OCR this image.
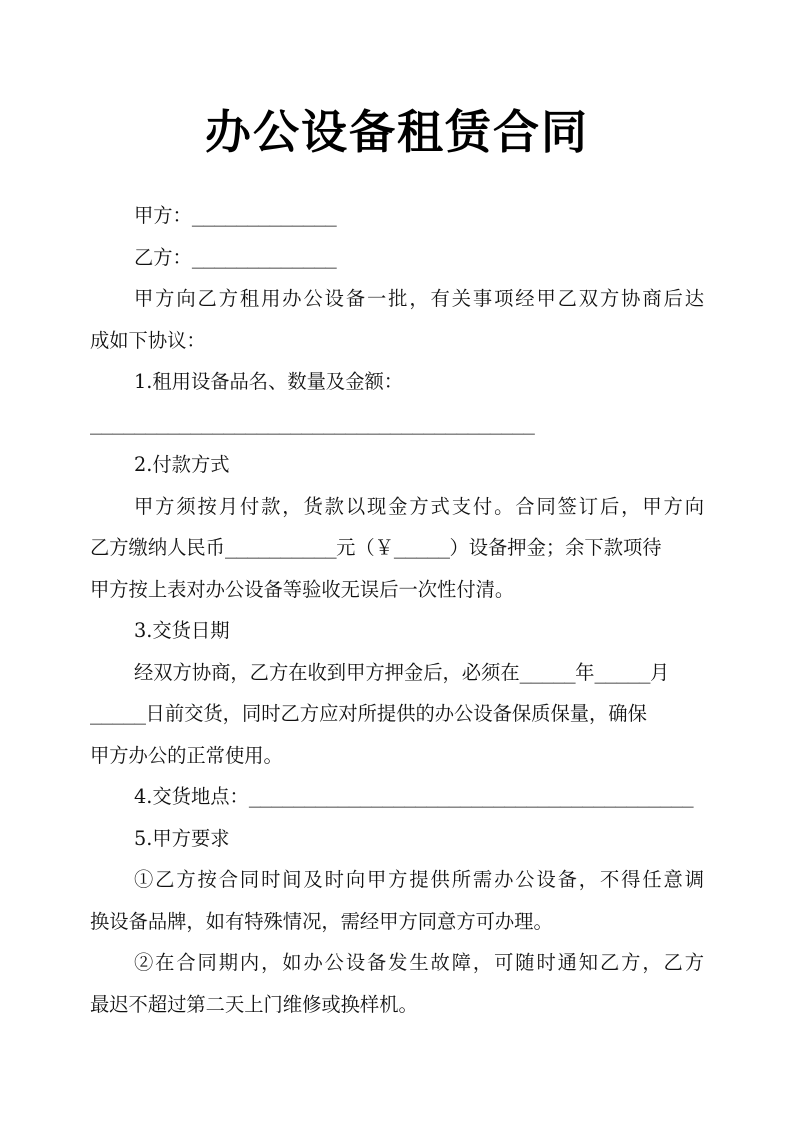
办公设备租赁合同
甲方：_____________
乙方：_____________
甲方向乙方租用办公设备一批，有关事项经甲乙双方协商后达
成如下协议：
1.租用设备品名、数量及金额：
________________________________________
2.付款方式
甲方须按月付款，货款以现金方式支付。合同签订后，甲方向
乙方缴纳人民币__________元（￥_____）设备押金；余下款项待
甲方按上表对办公设备等验收无误后一次性付清。
3.交货日期
经双方协商，乙方在收到甲方押金后，必须在_____年_____月
_____日前交货，同时乙方应对所提供的办公设备保质保量，确保
甲方办公的正常使用。
4.交货地点：________________________________________
5.甲方要求
①乙方按合同时间及时向甲方提供所需办公设备，不得任意调
换设备品牌，如有特殊情况，需经甲方同意方可办理。
②在合同期内，如办公设备发生故障，可随时通知乙方，乙方
最迟不超过第二天上门维修或换样机。
